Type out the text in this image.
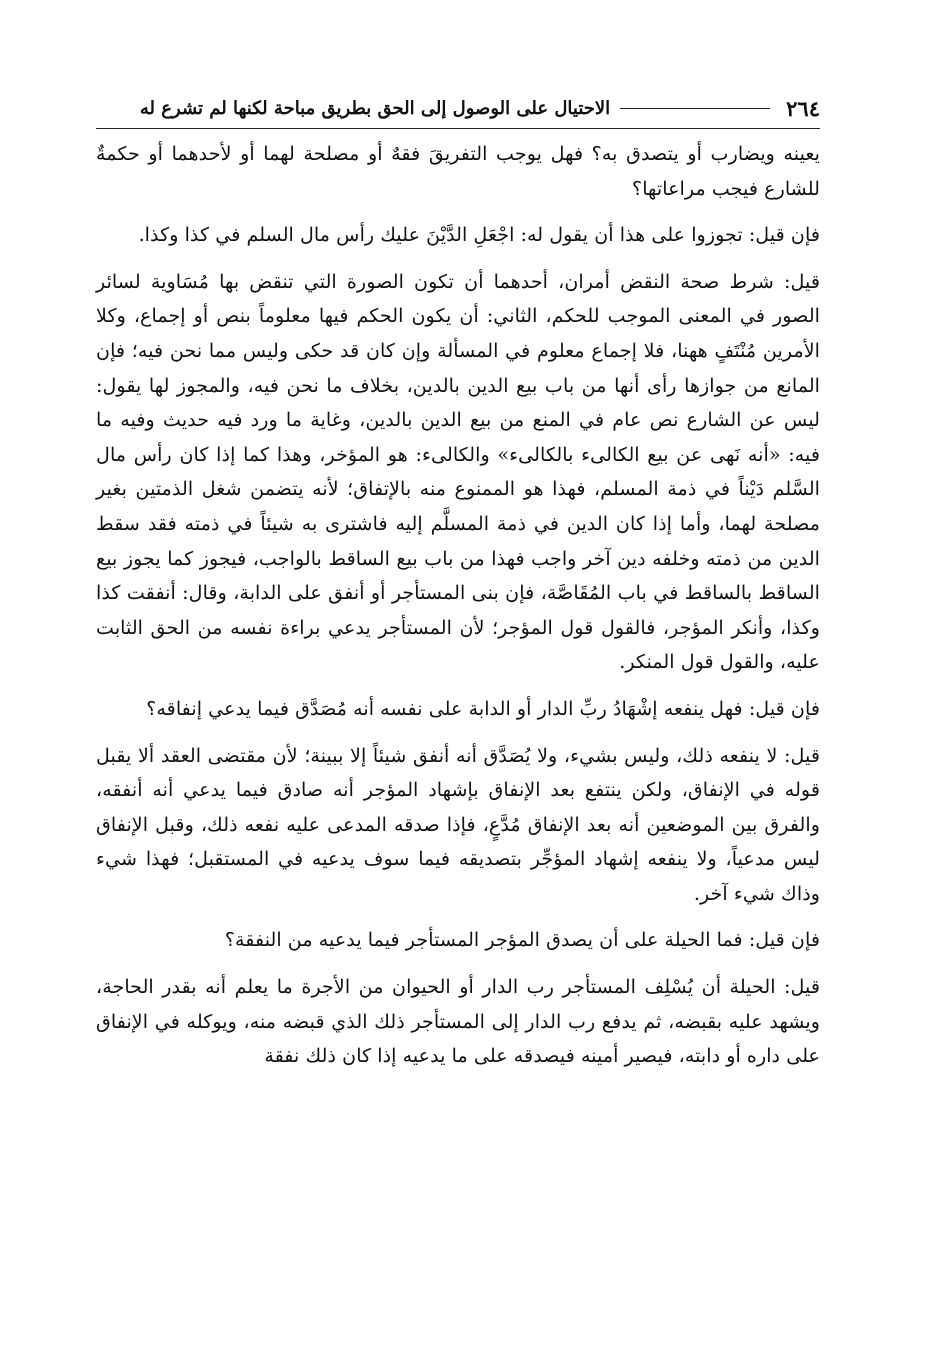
٢٦٤
الاحتيال على الوصول إلى الحق بطريق مباحة لكنها لم تشرع له

يعينه ويضارب أو يتصدق به؟ فهل يوجب التفريقَ فقهٌ أو مصلحة لهما أو لأحدهما أو حكمةٌ للشارع فيجب مراعاتها؟

فإن قيل: تجوزوا على هذا أن يقول له: اجْعَلِ الدَّيْنَ عليك رأس مال السلم في كذا وكذا.

قيل: شرط صحة النقض أمران، أحدهما أن تكون الصورة التي تنقض بها مُسَاوية لسائر الصور في المعنى الموجب للحكم، الثاني: أن يكون الحكم فيها معلوماً بنص أو إجماع، وكلا الأمرين مُنْتَفٍ ههنا، فلا إجماع معلوم في المسألة وإن كان قد حكى وليس مما نحن فيه؛ فإن المانع من جوازها رأى أنها من باب بيع الدين بالدين، بخلاف ما نحن فيه، والمجوز لها يقول: ليس عن الشارع نص عام في المنع من بيع الدين بالدين، وغاية ما ورد فيه حديث وفيه ما فيه: «أنه نَهى عن بيع الكالىء بالكالىء» والكالىء: هو المؤخر، وهذا كما إذا كان رأس مال السَّلم دَيْناً في ذمة المسلم، فهذا هو الممنوع منه بالإتفاق؛ لأنه يتضمن شغل الذمتين بغير مصلحة لهما، وأما إذا كان الدين في ذمة المسلَّم إليه فاشترى به شيئاً في ذمته فقد سقط الدين من ذمته وخلفه دين آخر واجب فهذا من باب بيع الساقط بالواجب، فيجوز كما يجوز بيع الساقط بالساقط في باب المُقَاصَّة، فإن بنى المستأجر أو أنفق على الدابة، وقال: أنفقت كذا وكذا، وأنكر المؤجر، فالقول قول المؤجر؛ لأن المستأجر يدعي براءة نفسه من الحق الثابت عليه، والقول قول المنكر.

فإن قيل: فهل ينفعه إشْهَادُ ربِّ الدار أو الدابة على نفسه أنه مُصَدَّق فيما يدعي إنفاقه؟

قيل: لا ينفعه ذلك، وليس بشيء، ولا يُصَدَّق أنه أنفق شيئاً إلا ببينة؛ لأن مقتضى العقد ألا يقبل قوله في الإنفاق، ولكن ينتفع بعد الإنفاق بإشهاد المؤجر أنه صادق فيما يدعي أنه أنفقه، والفرق بين الموضعين أنه بعد الإنفاق مُدَّعٍ، فإذا صدقه المدعى عليه نفعه ذلك، وقبل الإنفاق ليس مدعياً، ولا ينفعه إشهاد المؤجِّر بتصديقه فيما سوف يدعيه في المستقبل؛ فهذا شيء وذاك شيء آخر.

فإن قيل: فما الحيلة على أن يصدق المؤجر المستأجر فيما يدعيه من النفقة؟

قيل: الحيلة أن يُسْلِف المستأجر رب الدار أو الحيوان من الأجرة ما يعلم أنه بقدر الحاجة، ويشهد عليه بقبضه، ثم يدفع رب الدار إلى المستأجر ذلك الذي قبضه منه، ويوكله في الإنفاق على داره أو دابته، فيصير أمينه فيصدقه على ما يدعيه إذا كان ذلك نفقة
